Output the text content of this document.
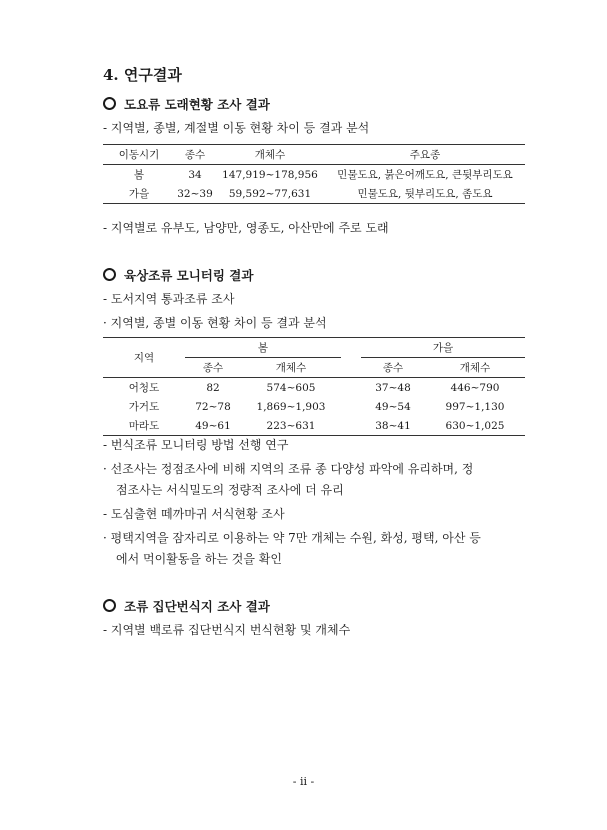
4. 연구결과
도요류 도래현황 조사 결과
- 지역별, 종별, 계절별 이동 현황 차이 등 결과 분석
이동시기	종수	개체수	주요종
봄	34	147,919∼178,956	민물도요, 붉은어깨도요, 큰뒷부리도요
가을	32∼39	59,592∼77,631	민물도요, 뒷부리도요, 좀도요
- 지역별로 유부도, 남양만, 영종도, 아산만에 주로 도래
육상조류 모니터링 결과
- 도서지역 통과조류 조사
· 지역별, 종별 이동 현황 차이 등 결과 분석
지역	봄			가을	
	종수	개체수		종수	개체수
어청도	82	574∼605		37∼48	446∼790
가거도	72∼78	1,869∼1,903		49∼54	997∼1,130
마라도	49∼61	223∼631		38∼41	630∼1,025
- 번식조류 모니터링 방법 선행 연구
· 선조사는 정점조사에 비해 지역의 조류 종 다양성 파악에 유리하며, 정
점조사는 서식밀도의 정량적 조사에 더 유리
- 도심출현 떼까마귀 서식현황 조사
· 평택지역을 잠자리로 이용하는 약 7만 개체는 수원, 화성, 평택, 아산 등
에서 먹이활동을 하는 것을 확인
조류 집단번식지 조사 결과
- 지역별 백로류 집단번식지 번식현황 및 개체수
- ii -
